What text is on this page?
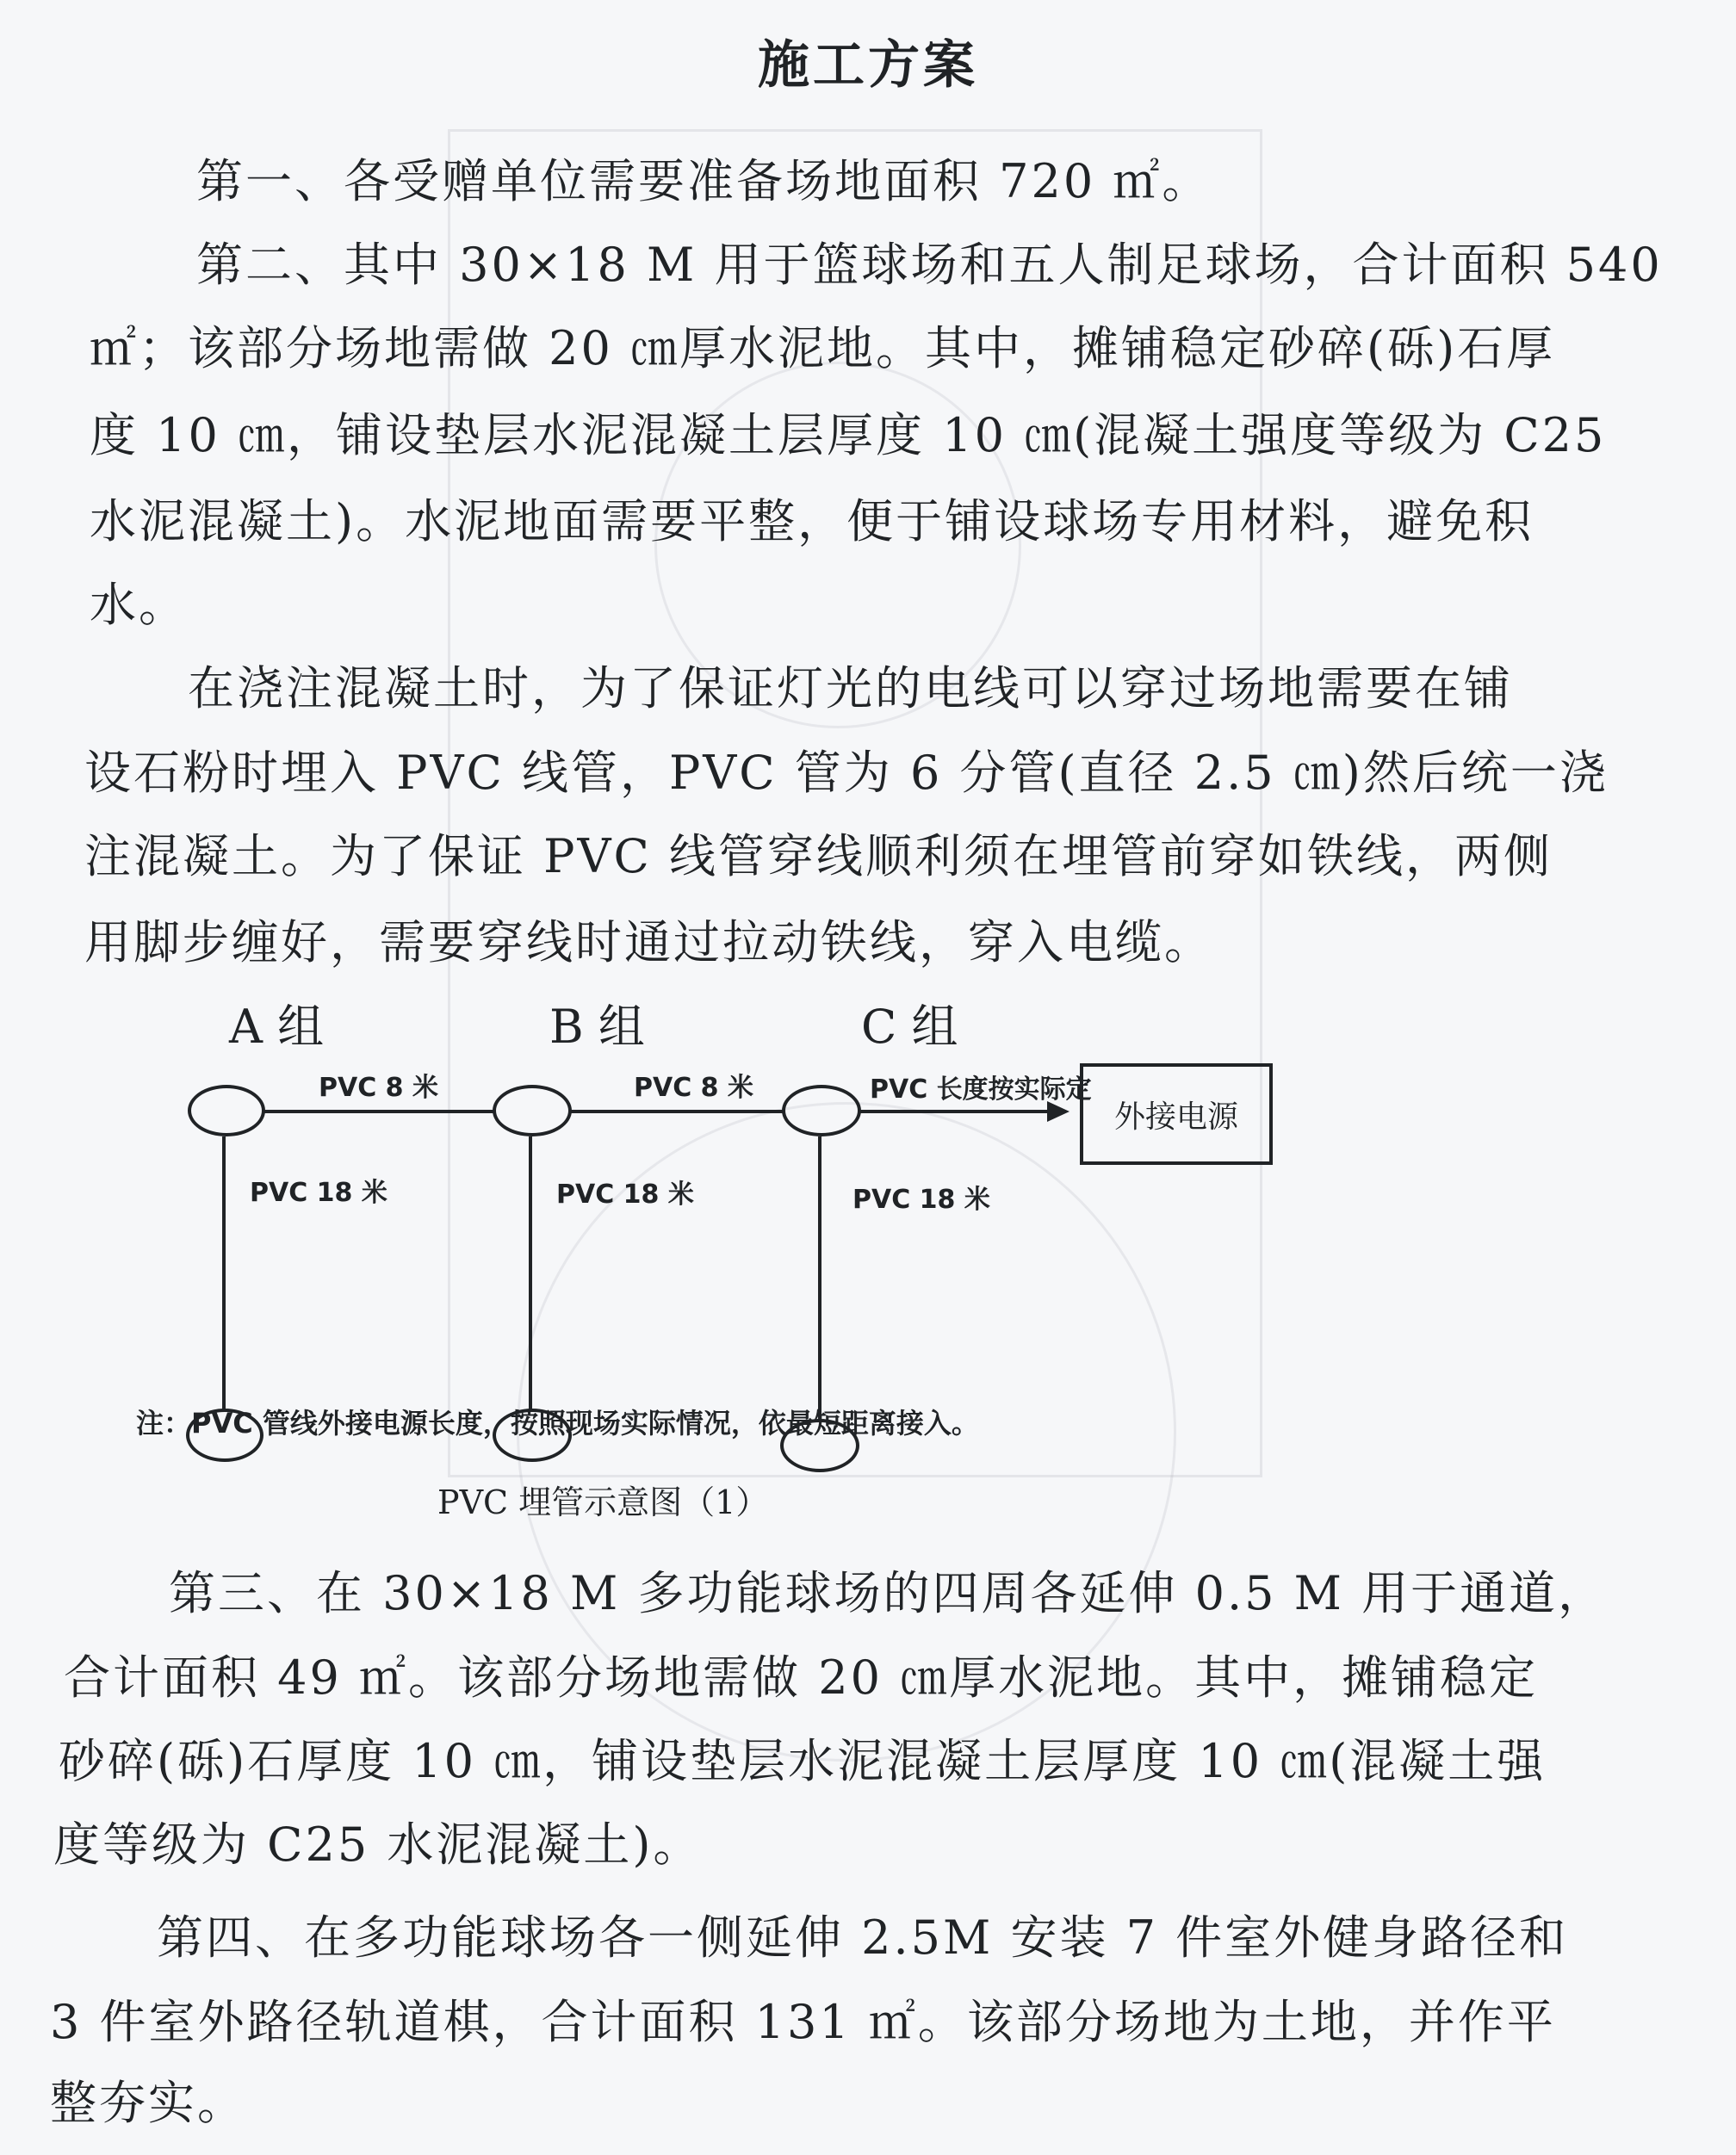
施工方案
第一、各受赠单位需要准备场地面积 720 ㎡。
第二、其中 30×18 M 用于篮球场和五人制足球场，合计面积 540
㎡；该部分场地需做 20 ㎝厚水泥地。其中，摊铺稳定砂碎(砾)石厚
度 10 ㎝，铺设垫层水泥混凝土层厚度 10 ㎝(混凝土强度等级为 C25
水泥混凝土)。水泥地面需要平整，便于铺设球场专用材料，避免积
水。
在浇注混凝土时，为了保证灯光的电线可以穿过场地需要在铺
设石粉时埋入 PVC 线管，PVC 管为 6 分管(直径 2.5 ㎝)然后统一浇
注混凝土。为了保证 PVC 线管穿线顺利须在埋管前穿如铁线，两侧
用脚步缠好，需要穿线时通过拉动铁线，穿入电缆。
A 组	B 组	C 组
PVC 8 米	PVC 8 米	PVC 长度按实际定
外接电源
PVC 18 米	PVC 18 米	PVC 18 米
注：PVC 管线外接电源长度，按照现场实际情况，依最短距离接入。
PVC 埋管示意图（1）
第三、在 30×18 M 多功能球场的四周各延伸 0.5 M 用于通道，
合计面积 49 ㎡。该部分场地需做 20 ㎝厚水泥地。其中，摊铺稳定
砂碎(砾)石厚度 10 ㎝，铺设垫层水泥混凝土层厚度 10 ㎝(混凝土强
度等级为 C25 水泥混凝土)。
第四、在多功能球场各一侧延伸 2.5M 安装 7 件室外健身路径和
3 件室外路径轨道棋，合计面积 131 ㎡。该部分场地为土地，并作平
整夯实。
